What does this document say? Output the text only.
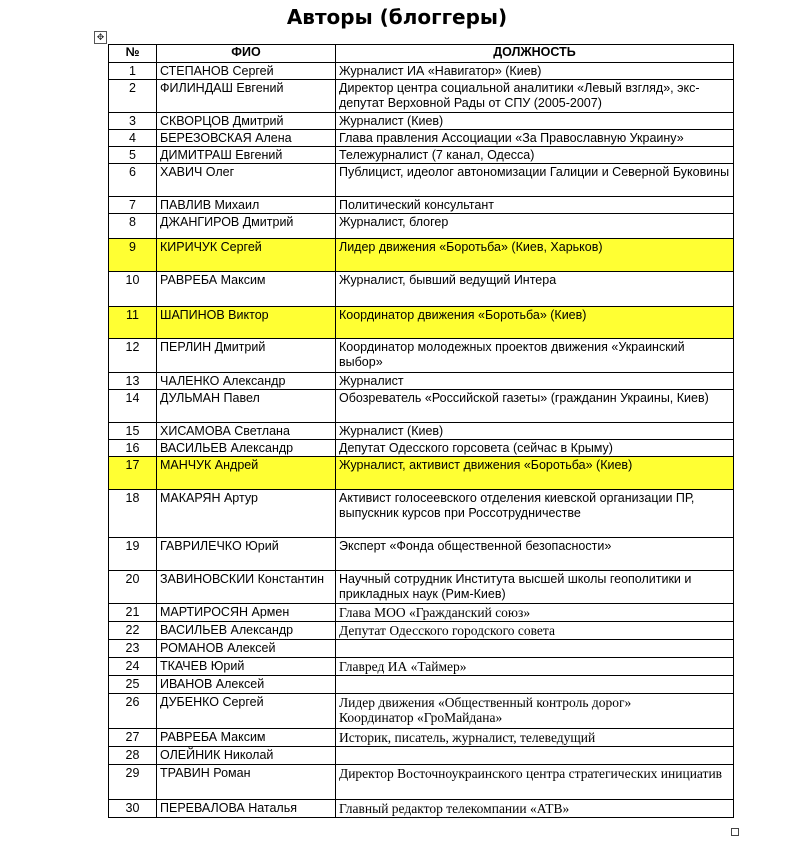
Авторы (блоггеры)
✥
№	ФИО	ДОЛЖНОСТЬ
1	СТЕПАНОВ Сергей	Журналист ИА «Навигатор» (Киев)
2	ФИЛИНДАШ Евгений	Директор центра социальной аналитики «Левый взгляд», экс-депутат Верховной Рады от СПУ (2005-2007)
3	СКВОРЦОВ Дмитрий	Журналист (Киев)
4	БЕРЕЗОВСКАЯ Алена	Глава правления Ассоциации «За Православную Украину»
5	ДИМИТРАШ Евгений	Тележурналист (7 канал, Одесса)
6	ХАВИЧ Олег	Публицист, идеолог автономизации Галиции и Северной Буковины
7	ПАВЛИВ Михаил	Политический консультант
8	ДЖАНГИРОВ Дмитрий	Журналист, блогер
9	КИРИЧУК Сергей	Лидер движения «Боротьба» (Киев, Харьков)
10	РАВРЕБА Максим	Журналист, бывший ведущий Интера
11	ШАПИНОВ Виктор	Координатор движения «Боротьба» (Киев)
12	ПЕРЛИН Дмитрий	Координатор молодежных проектов движения «Украинский выбор»
13	ЧАЛЕНКО Александр	Журналист
14	ДУЛЬМАН Павел	Обозреватель «Российской газеты» (гражданин Украины, Киев)
15	ХИСАМОВА Светлана	Журналист (Киев)
16	ВАСИЛЬЕВ Александр	Депутат Одесского горсовета (сейчас в Крыму)
17	МАНЧУК Андрей	Журналист, активист движения «Боротьба» (Киев)
18	МАКАРЯН Артур	Активист голосеевского отделения киевской организации ПР,
выпускник курсов при Россотрудничестве
19	ГАВРИЛЕЧКО Юрий	Эксперт «Фонда общественной безопасности»
20	ЗАВИНОВСКИИ Константин	Научный сотрудник Института высшей школы геополитики и прикладных наук (Рим-Киев)
21	МАРТИРОСЯН Армен	Глава МОО «Гражданский союз»
22	ВАСИЛЬЕВ Александр	Депутат Одесского городского совета
23	РОМАНОВ Алексей	
24	ТКАЧЕВ Юрий	Главред ИА «Таймер»
25	ИВАНОВ Алексей	
26	ДУБЕНКО Сергей	Лидер движения «Общественный контроль дорог»
Координатор «ГроМайдана»
27	РАВРЕБА Максим	Историк, писатель, журналист, телеведущий
28	ОЛЕЙНИК Николай	
29	ТРАВИН Роман	Директор Восточноукраинского центра стратегических инициатив
30	ПЕРЕВАЛОВА Наталья	Главный редактор телекомпании «АТВ»
